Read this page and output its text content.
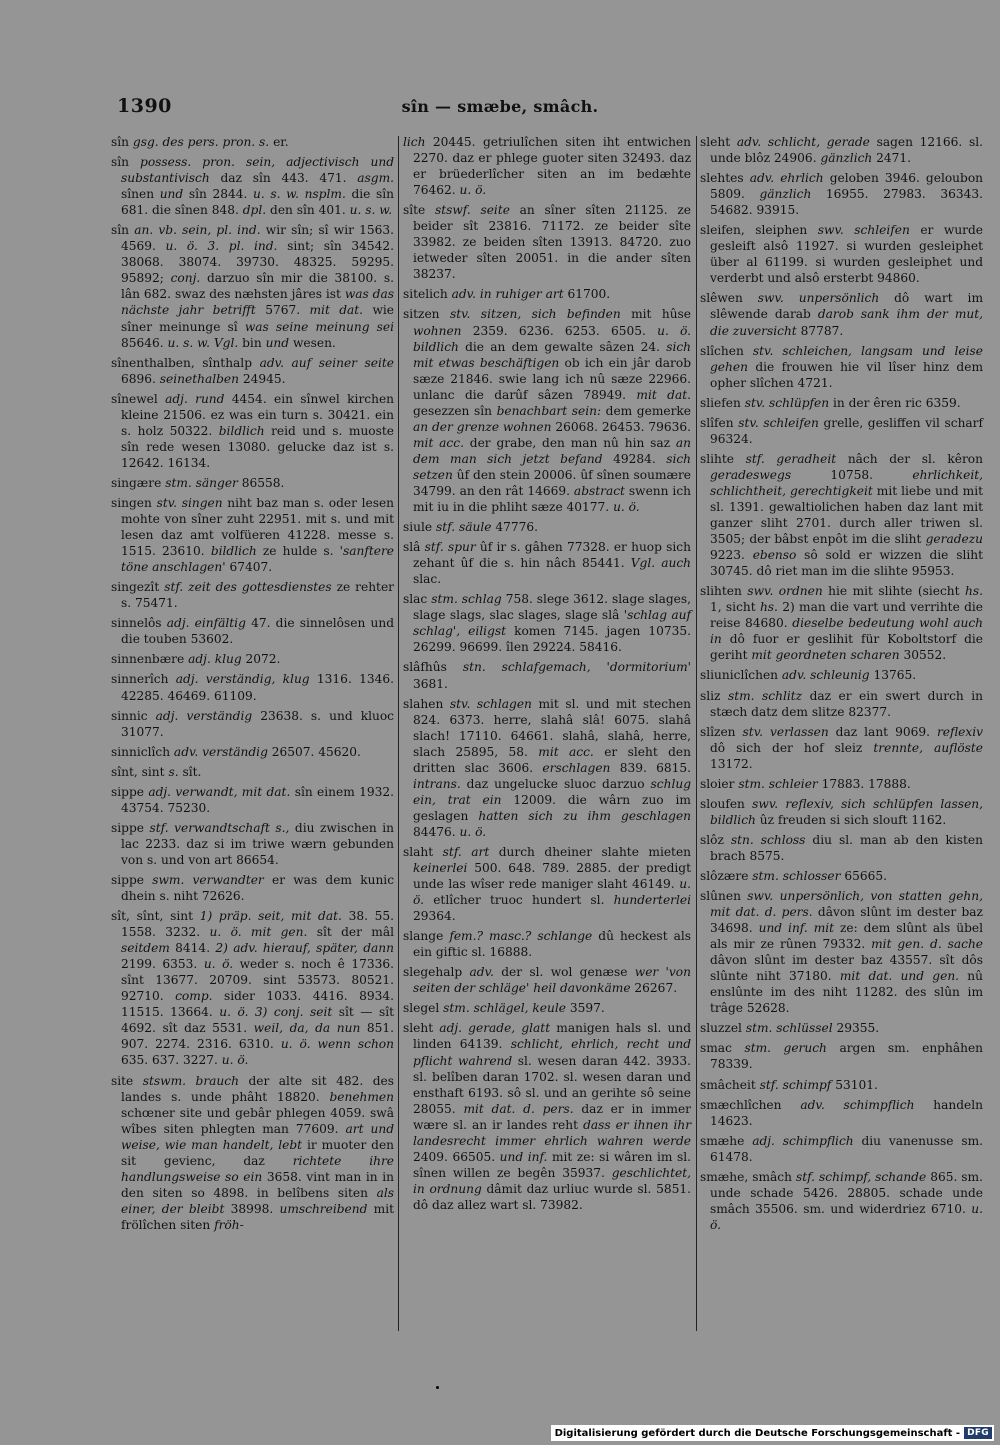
1390	sîn — smæbe, smâch.
sîn gsg. des pers. pron. s. er.
sîn possess. pron. sein, adjectivisch und substantivisch daz sîn 443. 471. asgm. sînen und sîn 2844. u. s. w. nsplm. die sîn 681. die sînen 848. dpl. den sîn 401. u. s. w.
sîn an. vb. sein, pl. ind. wir sîn; sî wir 1563. 4569. u. ö. 3. pl. ind. sint; sîn 34542. 38068. 38074. 39730. 48325. 59295. 95892; conj. darzuo sîn mir die 38100. s. lân 682. swaz des næhsten jâres ist was das nächste jahr betrifft 5767. mit dat. wie sîner meinunge sî was seine meinung sei 85646. u. s. w. Vgl. bin und wesen.
sînenthalben, sînthalp adv. auf seiner seite 6896. seinethalben 24945.
sînewel adj. rund 4454. ein sînwel kirchen kleine 21506. ez was ein turn s. 30421. ein s. holz 50322. bildlich reid und s. muoste sîn rede wesen 13080. gelucke daz ist s. 12642. 16134.
singære stm. sänger 86558.
singen stv. singen niht baz man s. oder lesen mohte von sîner zuht 22951. mit s. und mit lesen daz amt volfüeren 41228. messe s. 1515. 23610. bildlich ze hulde s. 'sanftere töne anschlagen' 67407.
singezît stf. zeit des gottesdienstes ze rehter s. 75471.
sinnelôs adj. einfältig 47. die sinnelôsen und die touben 53602.
sinnenbære adj. klug 2072.
sinnerîch adj. verständig, klug 1316. 1346. 42285. 46469. 61109.
sinnic adj. verständig 23638. s. und kluoc 31077.
sinniclîch adv. verständig 26507. 45620.
sînt, sint s. sît.
sippe adj. verwandt, mit dat. sîn einem 1932. 43754. 75230.
sippe stf. verwandtschaft s., diu zwischen in lac 2233. daz si im triwe wærn gebunden von s. und von art 86654.
sippe swm. verwandter er was dem kunic dhein s. niht 72626.
sît, sînt, sint 1) präp. seit, mit dat. 38. 55. 1558. 3232. u. ö. mit gen. sît der mâl seitdem 8414. 2) adv. hierauf, später, dann 2199. 6353. u. ö. weder s. noch ê 17336. sînt 13677. 20709. sint 53573. 80521. 92710. comp. sider 1033. 4416. 8934. 11515. 13664. u. ö. 3) conj. seit sît — sît 4692. sît daz 5531. weil, da, da nun 851. 907. 2274. 2316. 6310. u. ö. wenn schon 635. 637. 3227. u. ö.
site stswm. brauch der alte sit 482. des landes s. unde phâht 18820. benehmen schœner site und gebâr phlegen 4059. swâ wîbes siten phlegten man 77609. art und weise, wie man handelt, lebt ir muoter den sit gevienc, daz richtete ihre handlungsweise so ein 3658. vint man in in den siten so 4898. in belîbens siten als einer, der bleibt 38998. umschreibend mit frölîchen siten fröh-
lich 20445. getriulîchen siten iht entwichen 2270. daz er phlege guoter siten 32493. daz er brüederlîcher siten an im bedæhte 76462. u. ö.
sîte stswf. seite an sîner sîten 21125. ze beider sît 23816. 71172. ze beider sîte 33982. ze beiden sîten 13913. 84720. zuo ietweder sîten 20051. in die ander sîten 38237.
sitelich adv. in ruhiger art 61700.
sitzen stv. sitzen, sich befinden mit hûse wohnen 2359. 6236. 6253. 6505. u. ö. bildlich die an dem gewalte sâzen 24. sich mit etwas beschäftigen ob ich ein jâr darob sæze 21846. swie lang ich nû sæze 22966. unlanc die darûf sâzen 78949. mit dat. gesezzen sîn benachbart sein: dem gemerke an der grenze wohnen 26068. 26453. 79636. mit acc. der grabe, den man nû hin saz an dem man sich jetzt befand 49284. sich setzen ûf den stein 20006. ûf sînen soumære 34799. an den rât 14669. abstract swenn ich mit iu in die phliht sæze 40177. u. ö.
siule stf. säule 47776.
slâ stf. spur ûf ir s. gâhen 77328. er huop sich zehant ûf die s. hin nâch 85441. Vgl. auch slac.
slac stm. schlag 758. slege 3612. slage slages, slage slags, slac slages, slage slâ 'schlag auf schlag', eiligst komen 7145. jagen 10735. 26299. 96699. îlen 29224. 58416.
slâfhûs stn. schlafgemach, 'dormitorium' 3681.
slahen stv. schlagen mit sl. und mit stechen 824. 6373. herre, slahâ slâ! 6075. slahâ slach! 17110. 64661. slahâ, slahâ, herre, slach 25895, 58. mit acc. er sleht den dritten slac 3606. erschlagen 839. 6815. intrans. daz ungelucke sluoc darzuo schlug ein, trat ein 12009. die wârn zuo im geslagen hatten sich zu ihm geschlagen 84476. u. ö.
slaht stf. art durch dheiner slahte mieten keinerlei 500. 648. 789. 2885. der predigt unde las wîser rede maniger slaht 46149. u. ö. etlîcher truoc hundert sl. hunderterlei 29364.
slange fem.? masc.? schlange dû heckest als ein giftic sl. 16888.
slegehalp adv. der sl. wol genæse wer 'von seiten der schläge' heil davonkäme 26267.
slegel stm. schlägel, keule 3597.
sleht adj. gerade, glatt manigen hals sl. und linden 64139. schlicht, ehrlich, recht und pflicht wahrend sl. wesen daran 442. 3933. sl. belîben daran 1702. sl. wesen daran und ensthaft 6193. sô sl. und an gerihte sô seine 28055. mit dat. d. pers. daz er in immer wære sl. an ir landes reht dass er ihnen ihr landesrecht immer ehrlich wahren werde 2409. 66505. und inf. mit ze: si wâren im sl. sînen willen ze begên 35937. geschlichtet, in ordnung dâmit daz urliuc wurde sl. 5851. dô daz allez wart sl. 73982.
sleht adv. schlicht, gerade sagen 12166. sl. unde blôz 24906. gänzlich 2471.
slehtes adv. ehrlich geloben 3946. geloubon 5809. gänzlich 16955. 27983. 36343. 54682. 93915.
sleifen, sleiphen swv. schleifen er wurde gesleift alsô 11927. si wurden gesleiphet über al 61199. si wurden gesleiphet und verderbt und alsô ersterbt 94860.
slêwen swv. unpersönlich dô wart im slêwende darab darob sank ihm der mut, die zuversicht 87787.
slîchen stv. schleichen, langsam und leise gehen die frouwen hie vil lîser hinz dem opher slîchen 4721.
sliefen stv. schlüpfen in der êren ric 6359.
slîfen stv. schleifen grelle, gesliffen vil scharf 96324.
slihte stf. geradheit nâch der sl. kêron geradeswegs	10758.	ehrlichkeit, schlichtheit, gerechtigkeit mit liebe und mit sl. 1391. gewaltiolichen haben daz lant mit ganzer sliht 2701. durch aller triwen sl. 3505; der bâbst enpôt im die sliht geradezu 9223. ebenso sô sold er wizzen die sliht 30745. dô riet man im die slihte 95953.
slihten swv. ordnen hie mit slihte (siecht hs. 1, sicht hs. 2) man die vart und verrihte die reise 84680. dieselbe bedeutung wohl auch in dô fuor er geslihit für Koboltstorf die geriht mit geordneten scharen 30552.
sliuniclîchen adv. schleunig 13765.
sliz stm. schlitz daz er ein swert durch in stæch datz dem slitze 82377.
slîzen stv. verlassen daz lant 9069. reflexiv dô sich der hof sleiz trennte, auflöste 13172.
sloier stm. schleier 17883. 17888.
sloufen swv. reflexiv, sich schlüpfen lassen, bildlich ûz freuden si sich slouft 1162.
slôz stn. schloss diu sl. man ab den kisten brach 8575.
slôzære stm. schlosser 65665.
slûnen swv. unpersönlich, von statten gehn, mit dat. d. pers. dâvon slûnt im dester baz 34698. und inf. mit ze: dem slûnt als übel als mir ze rûnen 79332. mit gen. d. sache dâvon slûnt im dester baz 43557. sît dôs slûnte niht 37180. mit dat. und gen. nû enslûnte im des niht 11282. des slûn im trâge 52628.
sluzzel stm. schlüssel 29355.
smac stm. geruch argen sm. enphâhen 78339.
smâcheit stf. schimpf 53101.
smæchlîchen adv. schimpflich handeln 14623.
smæhe adj. schimpflich diu vanenusse sm. 61478.
smæhe, smâch stf. schimpf, schande 865. sm. unde schade 5426. 28805. schade unde smâch 35506. sm. und widerdriez 6710. u. ö.
Digitalisierung gefördert durch die Deutsche Forschungsgemeinschaft - DFG
